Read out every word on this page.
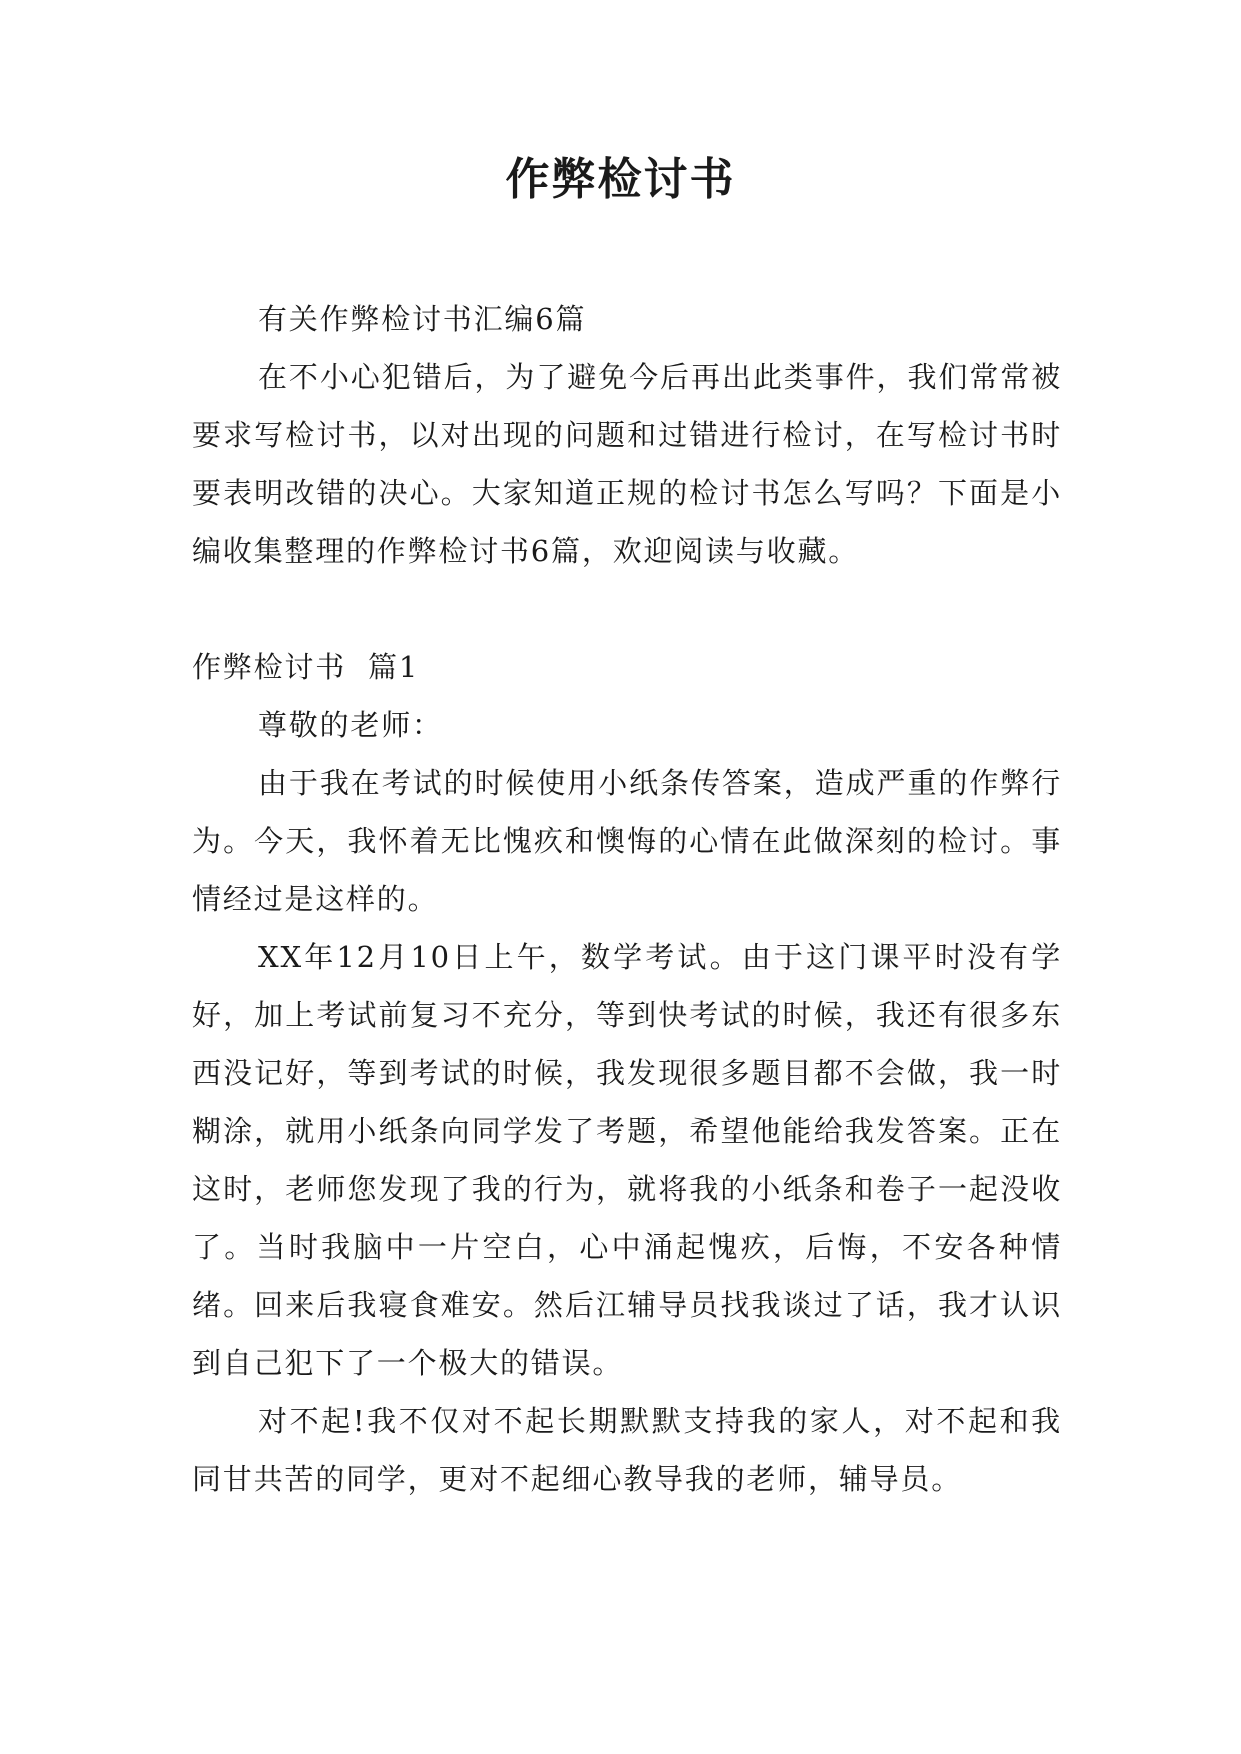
作弊检讨书

有关作弊检讨书汇编6篇

在不小心犯错后，为了避免今后再出此类事件，我们常常被要求写检讨书，以对出现的问题和过错进行检讨，在写检讨书时要表明改错的决心。大家知道正规的检讨书怎么写吗？下面是小编收集整理的作弊检讨书6篇，欢迎阅读与收藏。

作弊检讨书  篇1

尊敬的老师：

由于我在考试的时候使用小纸条传答案，造成严重的作弊行为。今天，我怀着无比愧疚和懊悔的心情在此做深刻的检讨。事情经过是这样的。

XX年12月10日上午，数学考试。由于这门课平时没有学好，加上考试前复习不充分，等到快考试的时候，我还有很多东西没记好，等到考试的时候，我发现很多题目都不会做，我一时糊涂，就用小纸条向同学发了考题，希望他能给我发答案。正在这时，老师您发现了我的行为，就将我的小纸条和卷子一起没收了。当时我脑中一片空白，心中涌起愧疚，后悔，不安各种情绪。回来后我寝食难安。然后江辅导员找我谈过了话，我才认识到自己犯下了一个极大的错误。

对不起!我不仅对不起长期默默支持我的家人，对不起和我同甘共苦的同学，更对不起细心教导我的老师，辅导员。
